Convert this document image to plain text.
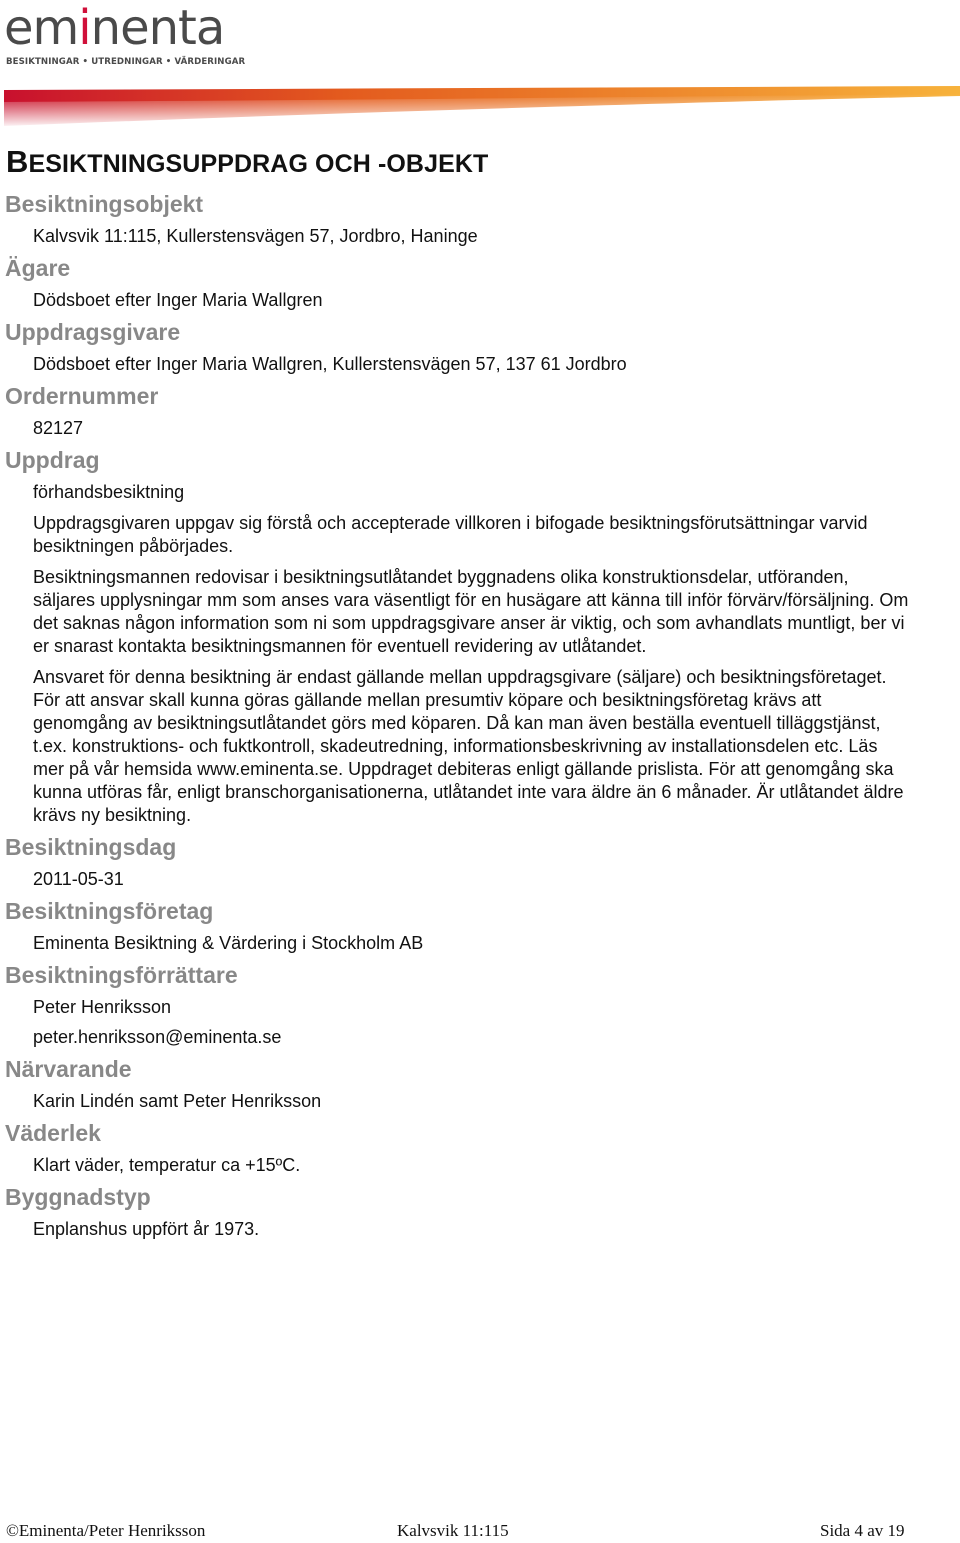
eminenta
BESIKTNINGAR • UTREDNINGAR • VÄRDERINGAR
BESIKTNINGSUPPDRAG OCH -OBJEKT
Besiktningsobjekt
Kalvsvik 11:115, Kullerstensvägen 57, Jordbro, Haninge
Ägare
Dödsboet efter Inger Maria Wallgren
Uppdragsgivare
Dödsboet efter Inger Maria Wallgren, Kullerstensvägen 57, 137 61 Jordbro
Ordernummer
82127
Uppdrag
förhandsbesiktning
Uppdragsgivaren uppgav sig förstå och accepterade villkoren i bifogade besiktningsförutsättningar varvid besiktningen påbörjades.
Besiktningsmannen redovisar i besiktningsutlåtandet byggnadens olika konstruktionsdelar, utföranden, säljares upplysningar mm som anses vara väsentligt för en husägare att känna till inför förvärv/försäljning. Om det saknas någon information som ni som uppdragsgivare anser är viktig, och som avhandlats muntligt, ber vi er snarast kontakta besiktningsmannen för eventuell revidering av utlåtandet.
Ansvaret för denna besiktning är endast gällande mellan uppdragsgivare (säljare) och besiktningsföretaget. För att ansvar skall kunna göras gällande mellan presumtiv köpare och besiktningsföretag krävs att genomgång av besiktningsutlåtandet görs med köparen. Då kan man även beställa eventuell tilläggstjänst, t.ex. konstruktions- och fuktkontroll, skadeutredning, informationsbeskrivning av installationsdelen etc. Läs mer på vår hemsida www.eminenta.se. Uppdraget debiteras enligt gällande prislista. För att genomgång ska kunna utföras får, enligt branschorganisationerna, utlåtandet inte vara äldre än 6 månader. Är utlåtandet äldre krävs ny besiktning.
Besiktningsdag
2011-05-31
Besiktningsföretag
Eminenta Besiktning & Värdering i Stockholm AB
Besiktningsförrättare
Peter Henriksson
peter.henriksson@eminenta.se
Närvarande
Karin Lindén samt Peter Henriksson
Väderlek
Klart väder, temperatur ca +15ºC.
Byggnadstyp
Enplanshus uppfört år 1973.
©Eminenta/Peter Henriksson	Kalvsvik 11:115	Sida 4 av 19
